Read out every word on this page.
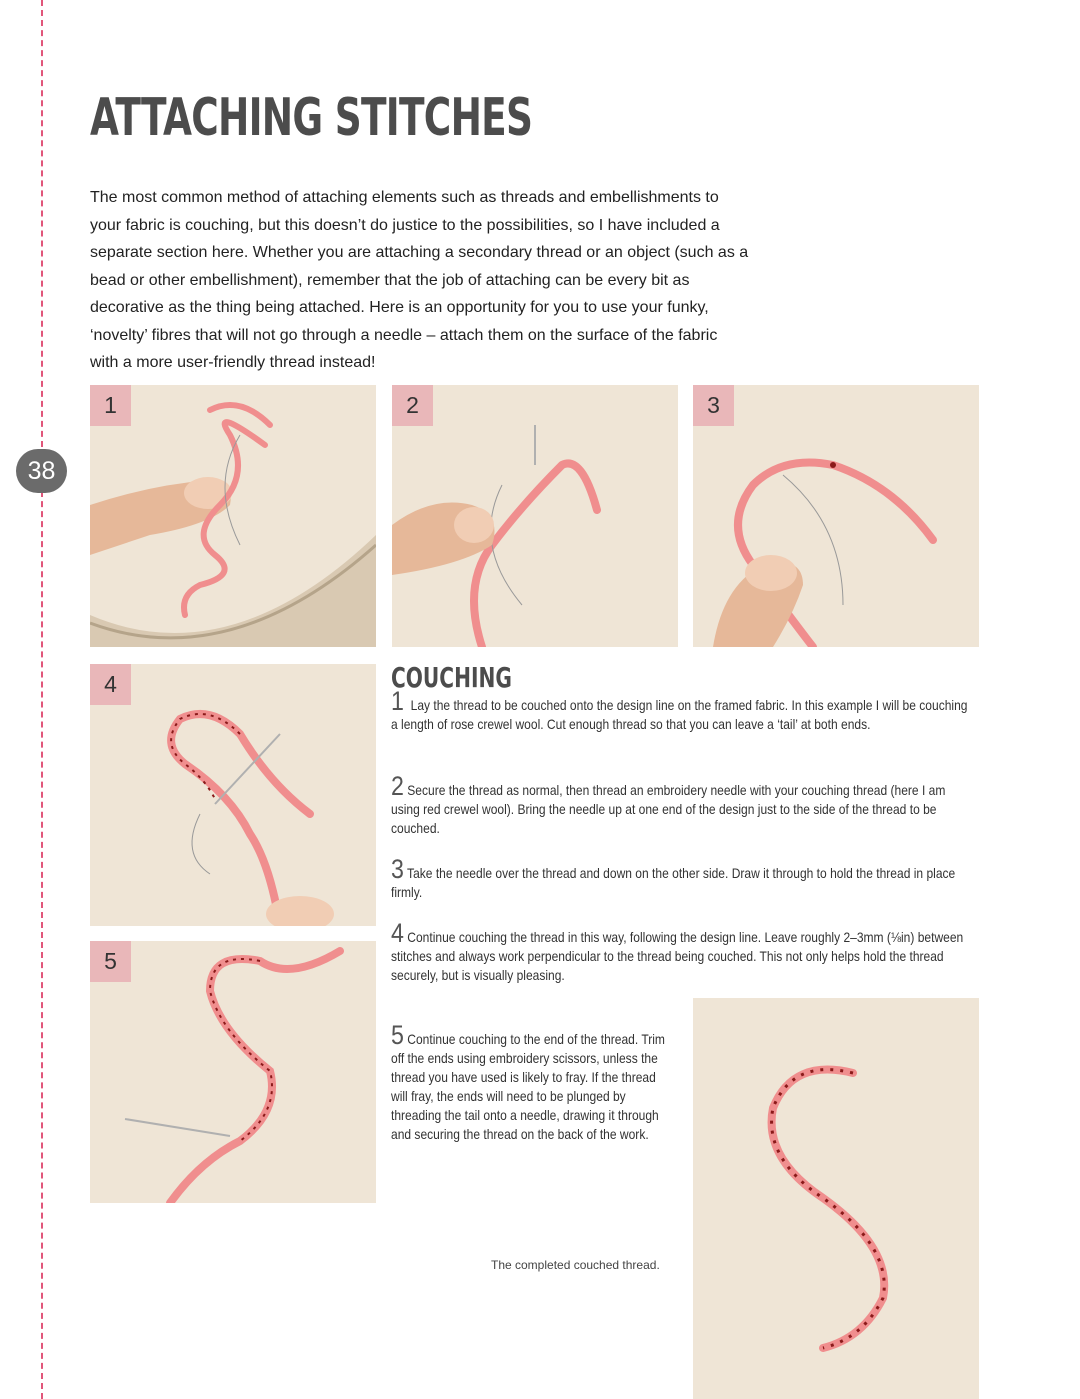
38
ATTACHING STITCHES

The most common method of attaching elements such as threads and embellishments to your fabric is couching, but this doesn’t do justice to the possibilities, so I have included a separate section here. Whether you are attaching a secondary thread or an object (such as a bead or other embellishment), remember that the job of attaching can be every bit as decorative as the thing being attached. Here is an opportunity for you to use your funky, ‘novelty’ fibres that will not go through a needle – attach them on the surface of the fabric with a more user-friendly thread instead!

1	2	3
4
5
COUCHING

1 Lay the thread to be couched onto the design line on the framed fabric. In this example I will be couching a length of rose crewel wool. Cut enough thread so that you can leave a ‘tail’ at both ends.

2 Secure the thread as normal, then thread an embroidery needle with your couching thread (here I am using red crewel wool). Bring the needle up at one end of the design just to the side of the thread to be couched.

3 Take the needle over the thread and down on the other side. Draw it through to hold the thread in place firmly.

4 Continue couching the thread in this way, following the design line. Leave roughly 2–3mm (⅛in) between stitches and always work perpendicular to the thread being couched. This not only helps hold the thread securely, but is visually pleasing.

5 Continue couching to the end of the thread. Trim off the ends using embroidery scissors, unless the thread you have used is likely to fray. If the thread will fray, the ends will need to be plunged by threading the tail onto a needle, drawing it through and securing the thread on the back of the work.

The completed couched thread.
